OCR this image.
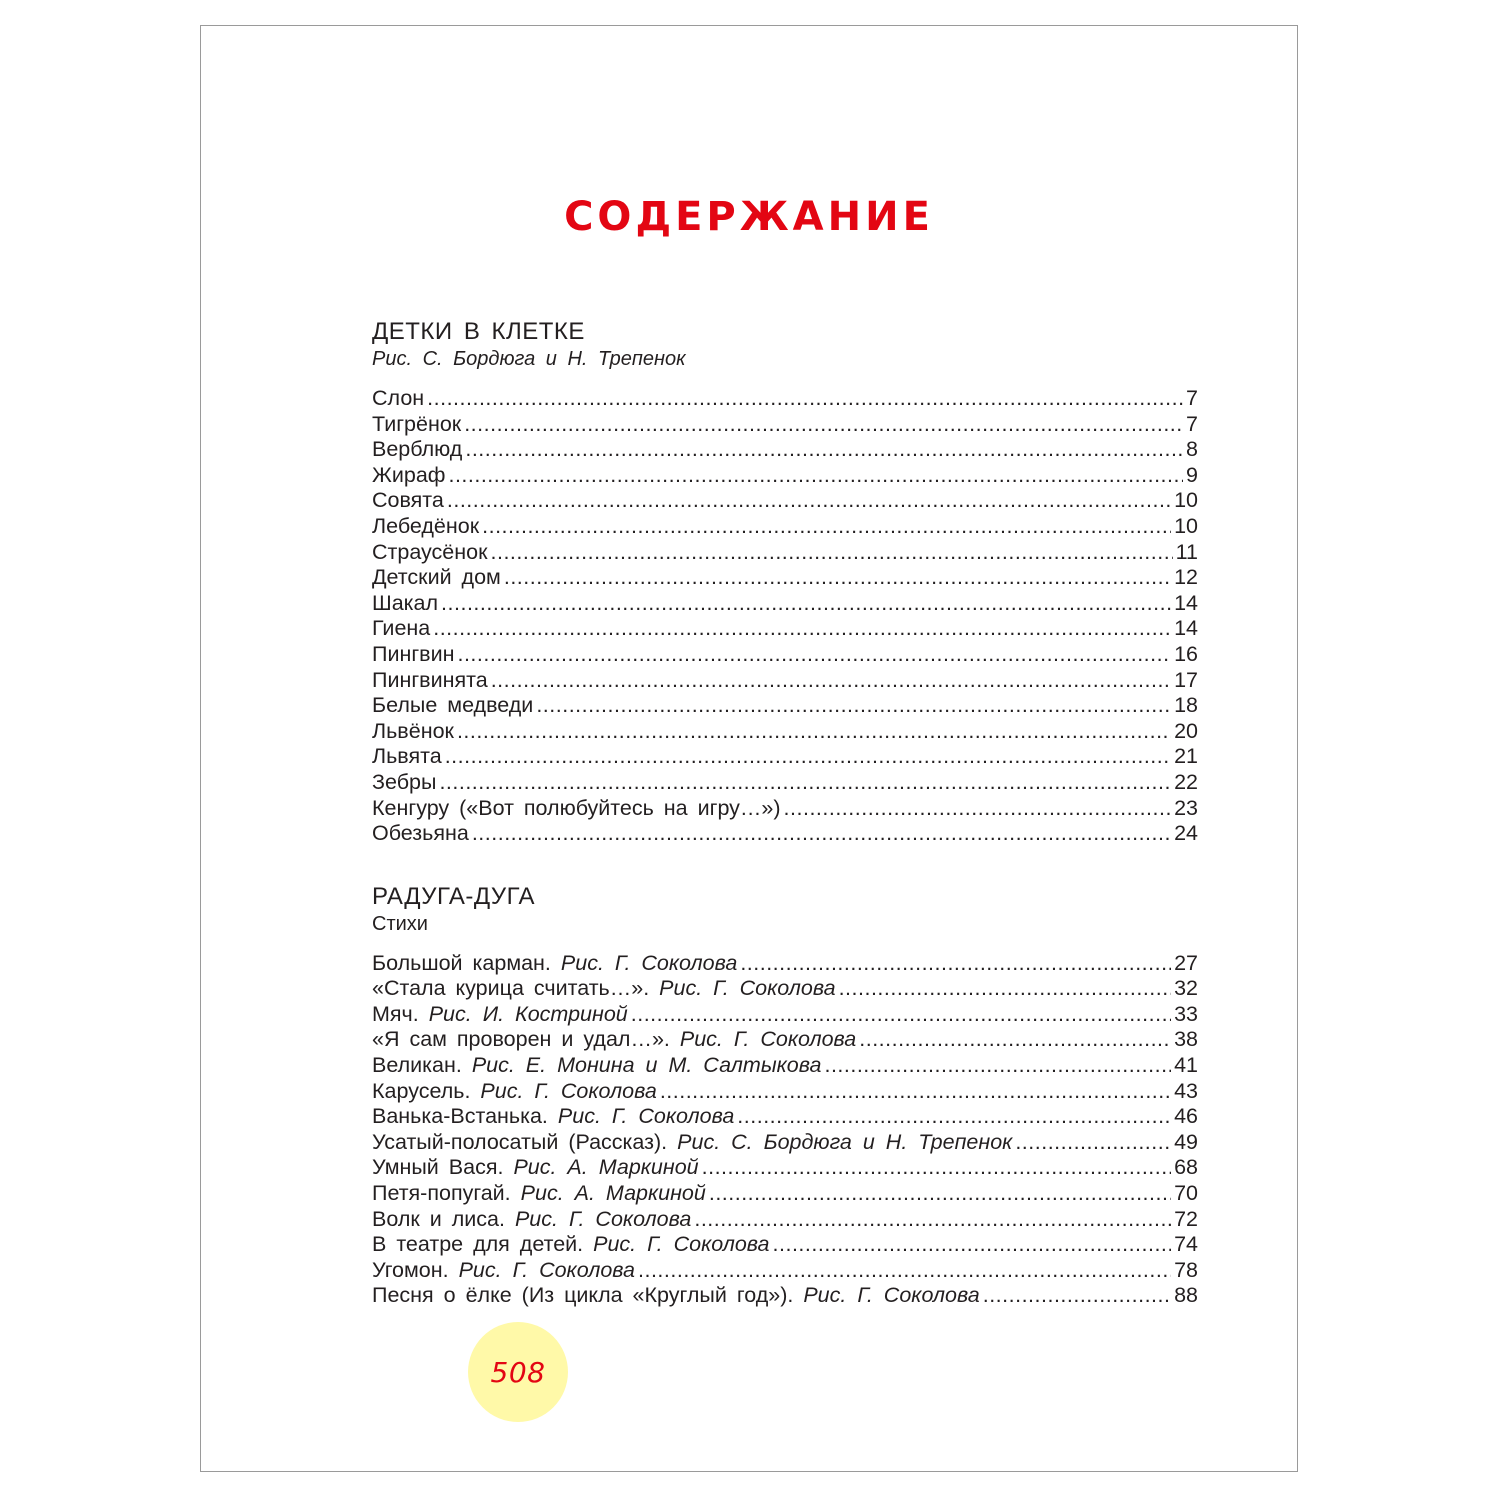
СОДЕРЖАНИЕ
ДЕТКИ В КЛЕТКЕ
Рис. С. Бордюга и Н. Трепенок
Слон .....	7
Тигрёнок .....	7
Верблюд .....	8
Жираф .....	9
Совята .....	10
Лебедёнок .....	10
Страусёнок .....	11
Детский дом .....	12
Шакал .....	14
Гиена .....	14
Пингвин .....	16
Пингвинята .....	17
Белые медведи .....	18
Львёнок .....	20
Львята .....	21
Зебры .....	22
Кенгуру («Вот полюбуйтесь на игру…») .....	23
Обезьяна .....	24
РАДУГА-ДУГА
Стихи
Большой карман. Рис. Г. Соколова .....	27
«Стала курица считать…». Рис. Г. Соколова .....	32
Мяч. Рис. И. Костриной .....	33
«Я сам проворен и удал…». Рис. Г. Соколова .....	38
Великан. Рис. Е. Монина и М. Салтыкова .....	41
Карусель. Рис. Г. Соколова .....	43
Ванька-Встанька. Рис. Г. Соколова .....	46
Усатый-полосатый (Рассказ). Рис. С. Бордюга и Н. Трепенок .....	49
Умный Вася. Рис. А. Маркиной .....	68
Петя-попугай. Рис. А. Маркиной .....	70
Волк и лиса. Рис. Г. Соколова .....	72
В театре для детей. Рис. Г. Соколова .....	74
Угомон. Рис. Г. Соколова .....	78
Песня о ёлке (Из цикла «Круглый год»). Рис. Г. Соколова .....	88
508
